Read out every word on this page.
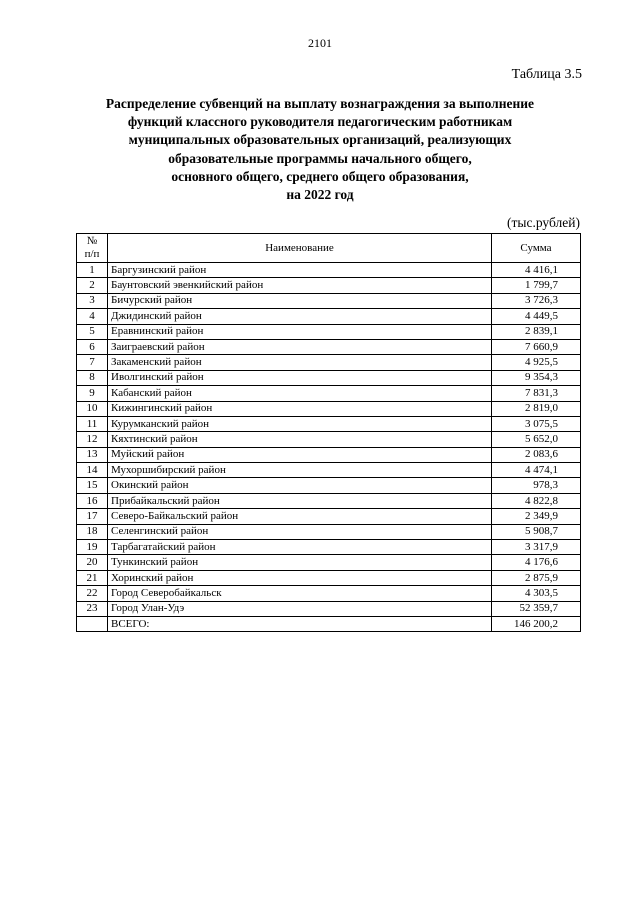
2101
Таблица 3.5
Распределение субвенций на выплату вознаграждения за выполнение
функций классного руководителя педагогическим работникам
муниципальных образовательных организаций, реализующих
образовательные программы начального общего,
основного общего, среднего общего образования,
на 2022 год
(тыс.рублей)
№
п/п	Наименование	Сумма
1	Баргузинский район	4 416,1
2	Баунтовский эвенкийский район	1 799,7
3	Бичурский район	3 726,3
4	Джидинский район	4 449,5
5	Еравнинский район	2 839,1
6	Заиграевский район	7 660,9
7	Закаменский район	4 925,5
8	Иволгинский район	9 354,3
9	Кабанский район	7 831,3
10	Кижингинский район	2 819,0
11	Курумканский район	3 075,5
12	Кяхтинский район	5 652,0
13	Муйский район	2 083,6
14	Мухоршибирский район	4 474,1
15	Окинский район	978,3
16	Прибайкальский район	4 822,8
17	Северо-Байкальский район	2 349,9
18	Селенгинский район	5 908,7
19	Тарбагатайский район	3 317,9
20	Тункинский район	4 176,6
21	Хоринский район	2 875,9
22	Город Северобайкальск	4 303,5
23	Город Улан-Удэ	52 359,7
	ВСЕГО:	146 200,2
